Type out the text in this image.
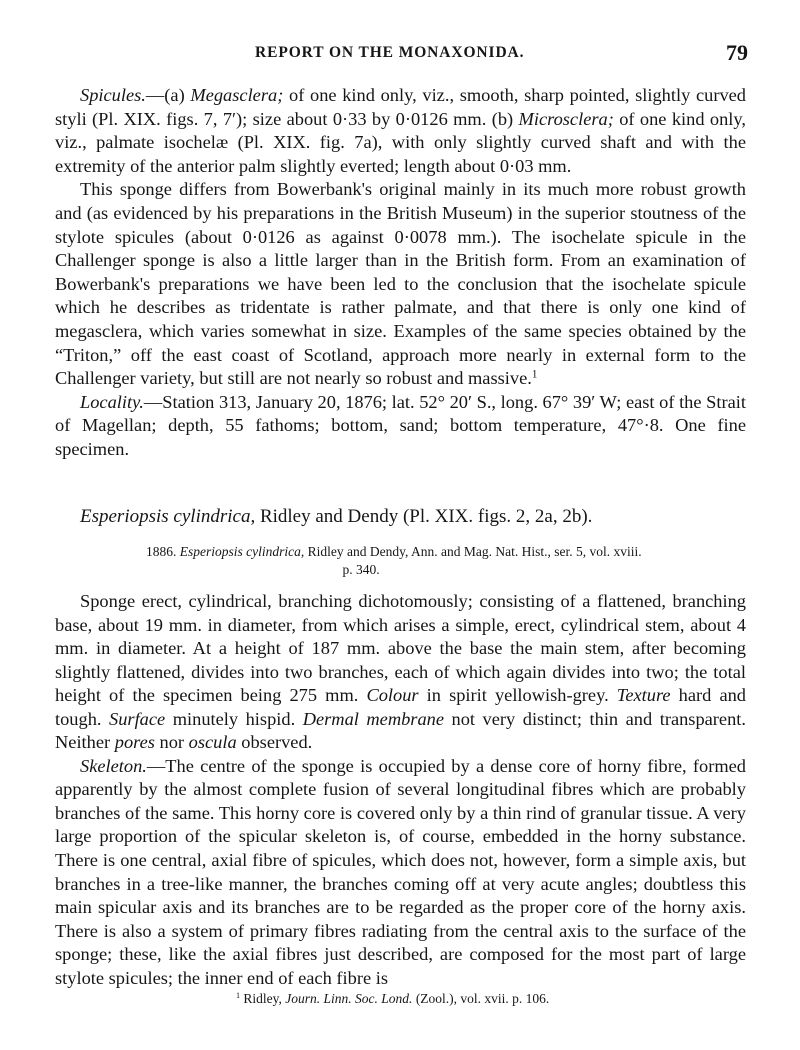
REPORT ON THE MONAXONIDA.	79

Spicules.—(a) Megasclera; of one kind only, viz., smooth, sharp pointed, slightly curved styli (Pl. XIX. figs. 7, 7′); size about 0·33 by 0·0126 mm. (b) Microsclera; of one kind only, viz., palmate isochelæ (Pl. XIX. fig. 7a), with only slightly curved shaft and with the extremity of the anterior palm slightly everted; length about 0·03 mm.

This sponge differs from Bowerbank's original mainly in its much more robust growth and (as evidenced by his preparations in the British Museum) in the superior stoutness of the stylote spicules (about 0·0126 as against 0·0078 mm.). The isochelate spicule in the Challenger sponge is also a little larger than in the British form. From an examination of Bowerbank's preparations we have been led to the conclusion that the isochelate spicule which he describes as tridentate is rather palmate, and that there is only one kind of megasclera, which varies somewhat in size. Examples of the same species obtained by the “Triton,” off the east coast of Scotland, approach more nearly in external form to the Challenger variety, but still are not nearly so robust and massive.$^1$

Locality.—Station 313, January 20, 1876; lat. 52° 20′ S., long. 67° 39′ W; east of the Strait of Magellan; depth, 55 fathoms; bottom, sand; bottom temperature, 47°·8. One fine specimen.

Esperiopsis cylindrica, Ridley and Dendy (Pl. XIX. figs. 2, 2a, 2b).
1886. Esperiopsis cylindrica, Ridley and Dendy, Ann. and Mag. Nat. Hist., ser. 5, vol. xviii.
p. 340.

Sponge erect, cylindrical, branching dichotomously; consisting of a flattened, branching base, about 19 mm. in diameter, from which arises a simple, erect, cylindrical stem, about 4 mm. in diameter. At a height of 187 mm. above the base the main stem, after becoming slightly flattened, divides into two branches, each of which again divides into two; the total height of the specimen being 275 mm. Colour in spirit yellowish-grey. Texture hard and tough. Surface minutely hispid. Dermal membrane not very distinct; thin and transparent. Neither pores nor oscula observed.

Skeleton.—The centre of the sponge is occupied by a dense core of horny fibre, formed apparently by the almost complete fusion of several longitudinal fibres which are probably branches of the same. This horny core is covered only by a thin rind of granular tissue. A very large proportion of the spicular skeleton is, of course, embedded in the horny substance. There is one central, axial fibre of spicules, which does not, however, form a simple axis, but branches in a tree-like manner, the branches coming off at very acute angles; doubtless this main spicular axis and its branches are to be regarded as the proper core of the horny axis. There is also a system of primary fibres radiating from the central axis to the surface of the sponge; these, like the axial fibres just described, are composed for the most part of large stylote spicules; the inner end of each fibre is

$^1$ Ridley, Journ. Linn. Soc. Lond. (Zool.), vol. xvii. p. 106.
